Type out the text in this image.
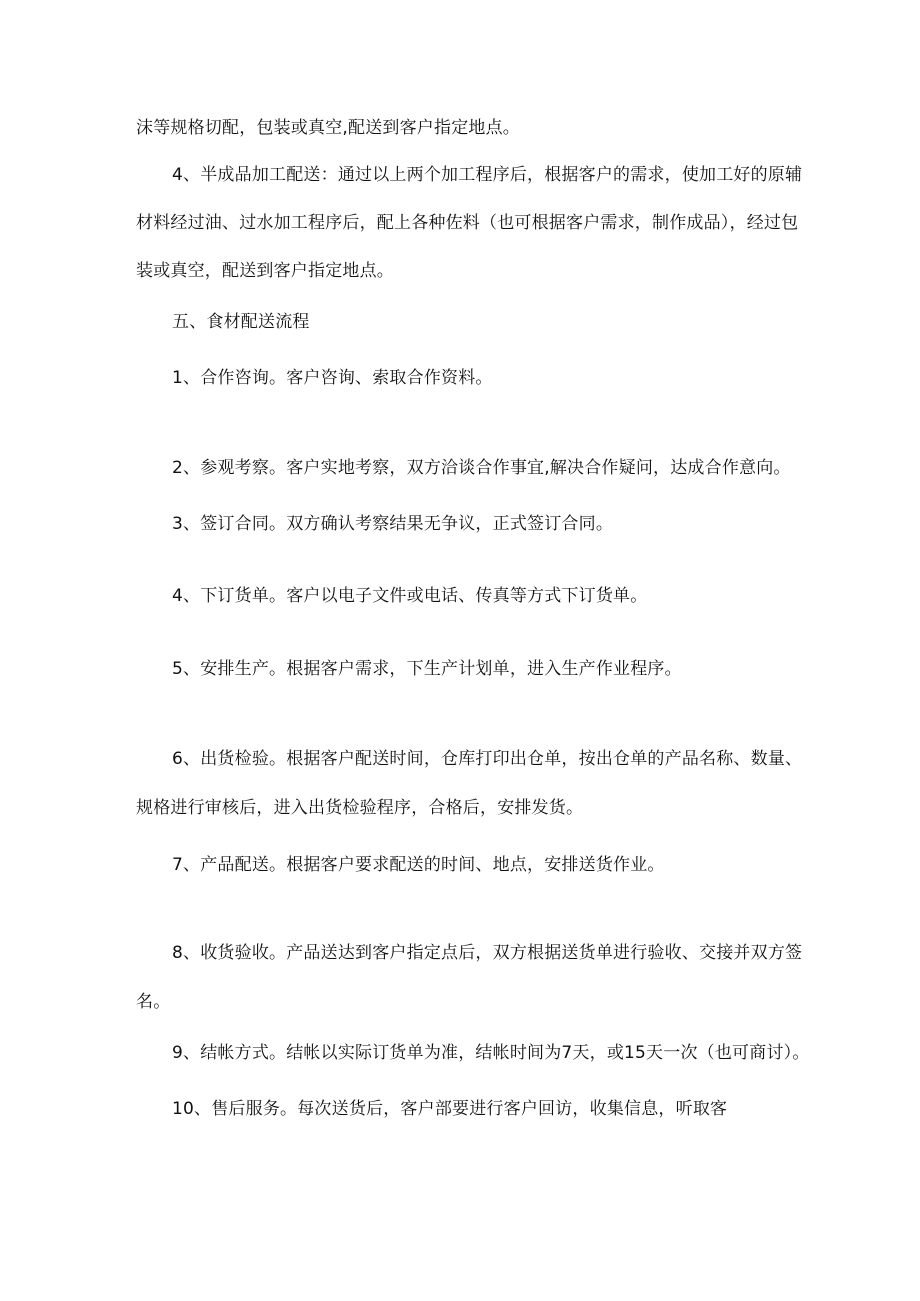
沫等规格切配，包装或真空,配送到客户指定地点。
4、半成品加工配送：通过以上两个加工程序后，根据客户的需求，使加工好的原辅
材料经过油、过水加工程序后，配上各种佐料（也可根据客户需求，制作成品），经过包
装或真空，配送到客户指定地点。
五、食材配送流程
1、合作咨询。客户咨询、索取合作资料。
2、参观考察。客户实地考察，双方洽谈合作事宜,解决合作疑问，达成合作意向。
3、签订合同。双方确认考察结果无争议，正式签订合同。
4、下订货单。客户以电子文件或电话、传真等方式下订货单。
5、安排生产。根据客户需求，下生产计划单，进入生产作业程序。
6、出货检验。根据客户配送时间，仓库打印出仓单，按出仓单的产品名称、数量、
规格进行审核后，进入出货检验程序，合格后，安排发货。
7、产品配送。根据客户要求配送的时间、地点，安排送货作业。
8、收货验收。产品送达到客户指定点后，双方根据送货单进行验收、交接并双方签
名。
9、结帐方式。结帐以实际订货单为准，结帐时间为7天，或15天一次（也可商讨）。
10、售后服务。每次送货后，客户部要进行客户回访，收集信息，听取客
